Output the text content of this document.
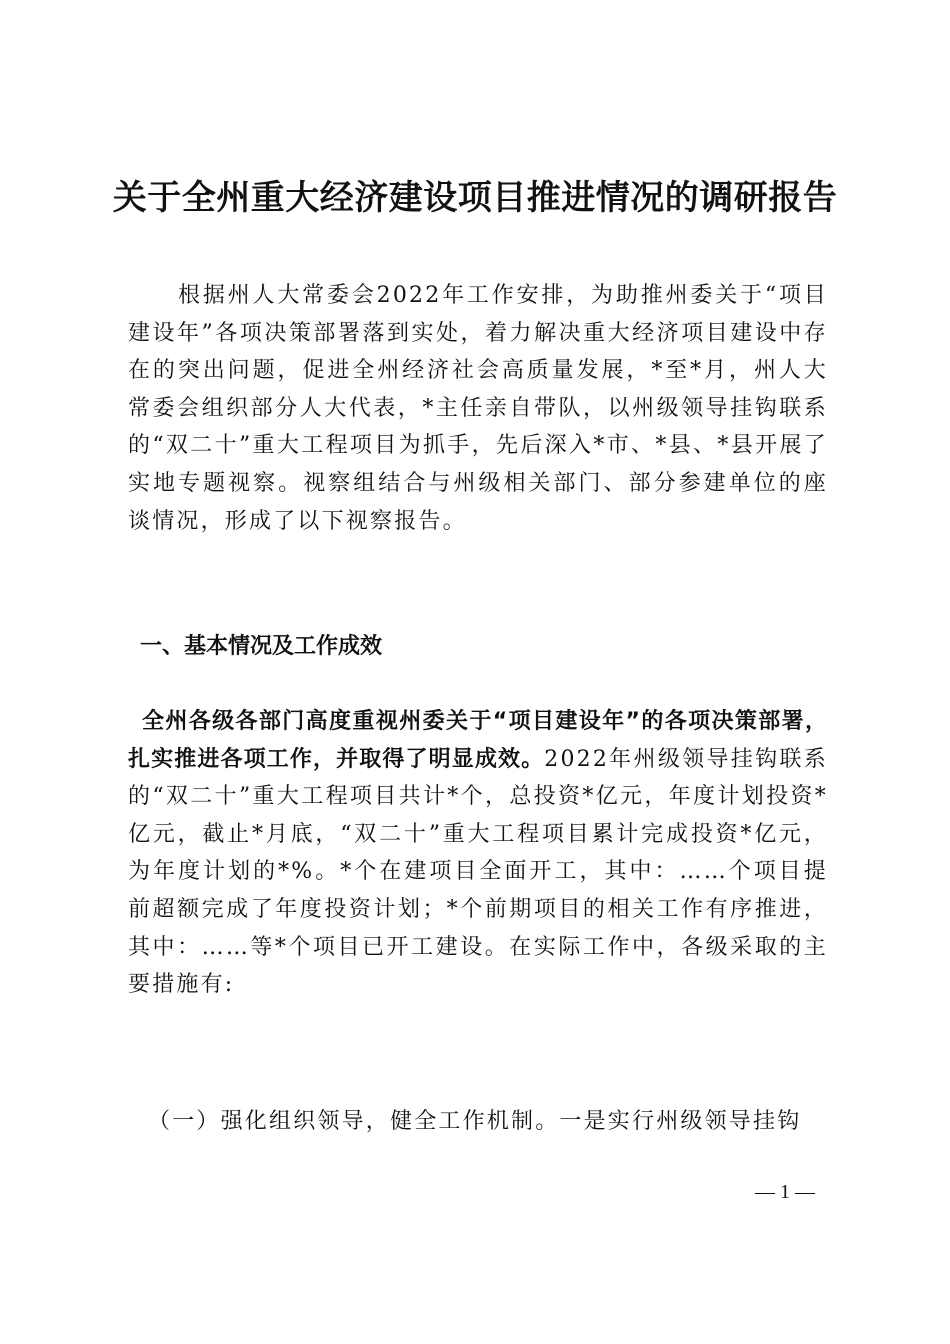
关于全州重大经济建设项目推进情况的调研报告

根据州人大常委会2022年工作安排，为助推州委关于“项目建设年”各项决策部署落到实处，着力解决重大经济项目建设中存在的突出问题，促进全州经济社会高质量发展，*至*月，州人大常委会组织部分人大代表，*主任亲自带队，以州级领导挂钩联系的“双二十”重大工程项目为抓手，先后深入*市、*县、*县开展了实地专题视察。视察组结合与州级相关部门、部分参建单位的座谈情况，形成了以下视察报告。

一、基本情况及工作成效

全州各级各部门高度重视州委关于“项目建设年”的各项决策部署，扎实推进各项工作，并取得了明显成效。2022年州级领导挂钩联系的“双二十”重大工程项目共计*个，总投资*亿元，年度计划投资*亿元，截止*月底，“双二十”重大工程项目累计完成投资*亿元，为年度计划的*%。*个在建项目全面开工，其中：……个项目提前超额完成了年度投资计划；*个前期项目的相关工作有序推进，其中：……等*个项目已开工建设。在实际工作中，各级采取的主要措施有:

（一）强化组织领导，健全工作机制。一是实行州级领导挂钩

— 1 —
